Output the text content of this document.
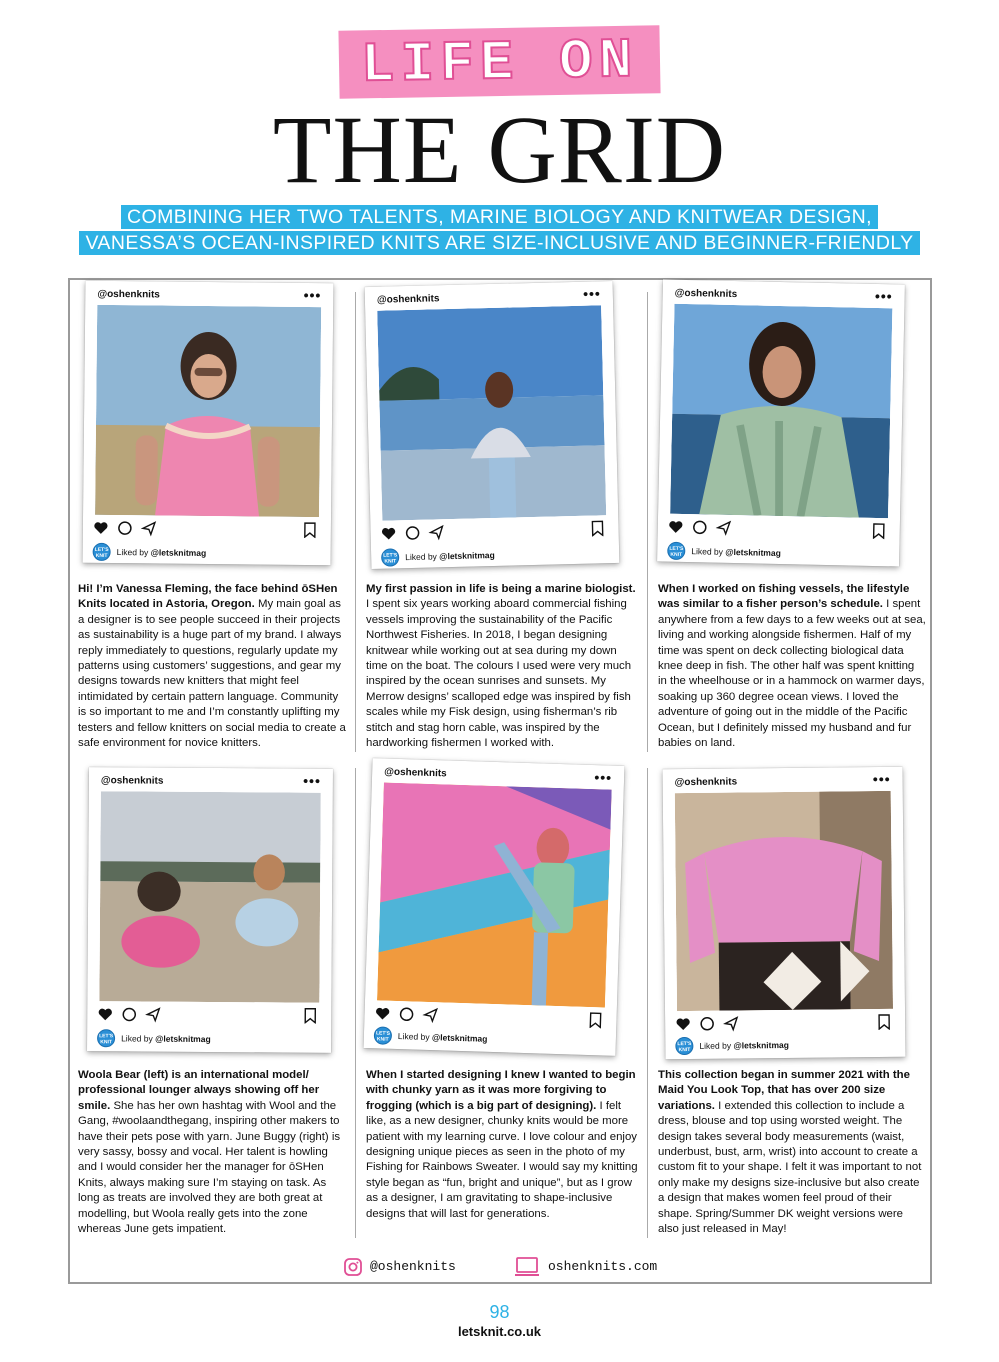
LIFE ON
THE GRID
COMBINING HER TWO TALENTS, MARINE BIOLOGY AND KNITWEAR DESIGN,
VANESSA’S OCEAN-INSPIRED KNITS ARE SIZE-INCLUSIVE AND BEGINNER-FRIENDLY
@oshenknits	•••
LET'S KNIT	Liked by @letsknitmag
@oshenknits	•••
LET'S KNIT	Liked by @letsknitmag
@oshenknits	•••
LET'S KNIT	Liked by @letsknitmag
Hi! I’m Vanessa Fleming, the face behind ōSHen Knits located in Astoria, Oregon. My main goal as a designer is to see people succeed in their projects as sustainability is a huge part of my brand. I always reply immediately to questions, regularly update my patterns using customers’ suggestions, and gear my designs towards new knitters that might feel intimidated by certain pattern language. Community is so important to me and I’m constantly uplifting my testers and fellow knitters on social media to create a safe environment for novice knitters.
My first passion in life is being a marine biologist. I spent six years working aboard commercial fishing vessels improving the sustainability of the Pacific Northwest Fisheries. In 2018, I began designing knitwear while working out at sea during my down time on the boat. The colours I used were very much inspired by the ocean sunrises and sunsets. My Merrow designs’ scalloped edge was inspired by fish scales while my Fisk design, using fisherman’s rib stitch and stag horn cable, was inspired by the hardworking fishermen I worked with.
When I worked on fishing vessels, the lifestyle was similar to a fisher person’s schedule. I spent anywhere from a few days to a few weeks out at sea, living and working alongside fishermen. Half of my time was spent on deck collecting biological data knee deep in fish. The other half was spent knitting in the wheelhouse or in a hammock on warmer days, soaking up 360 degree ocean views. I loved the adventure of going out in the middle of the Pacific Ocean, but I definitely missed my husband and fur babies on land.
@oshenknits	•••
LET'S KNIT	Liked by @letsknitmag
@oshenknits	•••
LET'S KNIT	Liked by @letsknitmag
@oshenknits	•••
LET'S KNIT	Liked by @letsknitmag
Woola Bear (left) is an international model/ professional lounger always showing off her smile. She has her own hashtag with Wool and the Gang, #woolaandthegang, inspiring other makers to have their pets pose with yarn. June Buggy (right) is very sassy, bossy and vocal. Her talent is howling and I would consider her the manager for ōSHen Knits, always making sure I’m staying on task. As long as treats are involved they are both great at modelling, but Woola really gets into the zone whereas June gets impatient.
When I started designing I knew I wanted to begin with chunky yarn as it was more forgiving to frogging (which is a big part of designing). I felt like, as a new designer, chunky knits would be more patient with my learning curve. I love colour and enjoy designing unique pieces as seen in the photo of my Fishing for Rainbows Sweater. I would say my knitting style began as “fun, bright and unique”, but as I grow as a designer, I am gravitating to shape-inclusive designs that will last for generations.
This collection began in summer 2021 with the Maid You Look Top, that has over 200 size variations. I extended this collection to include a dress, blouse and top using worsted weight. The design takes several body measurements (waist, underbust, bust, arm, wrist) into account to create a custom fit to your shape. I felt it was important to not only make my designs size-inclusive but also create a design that makes women feel proud of their shape. Spring/Summer DK weight versions were also just released in May!
@oshenknits	oshenknits.com
98
letsknit.co.uk
